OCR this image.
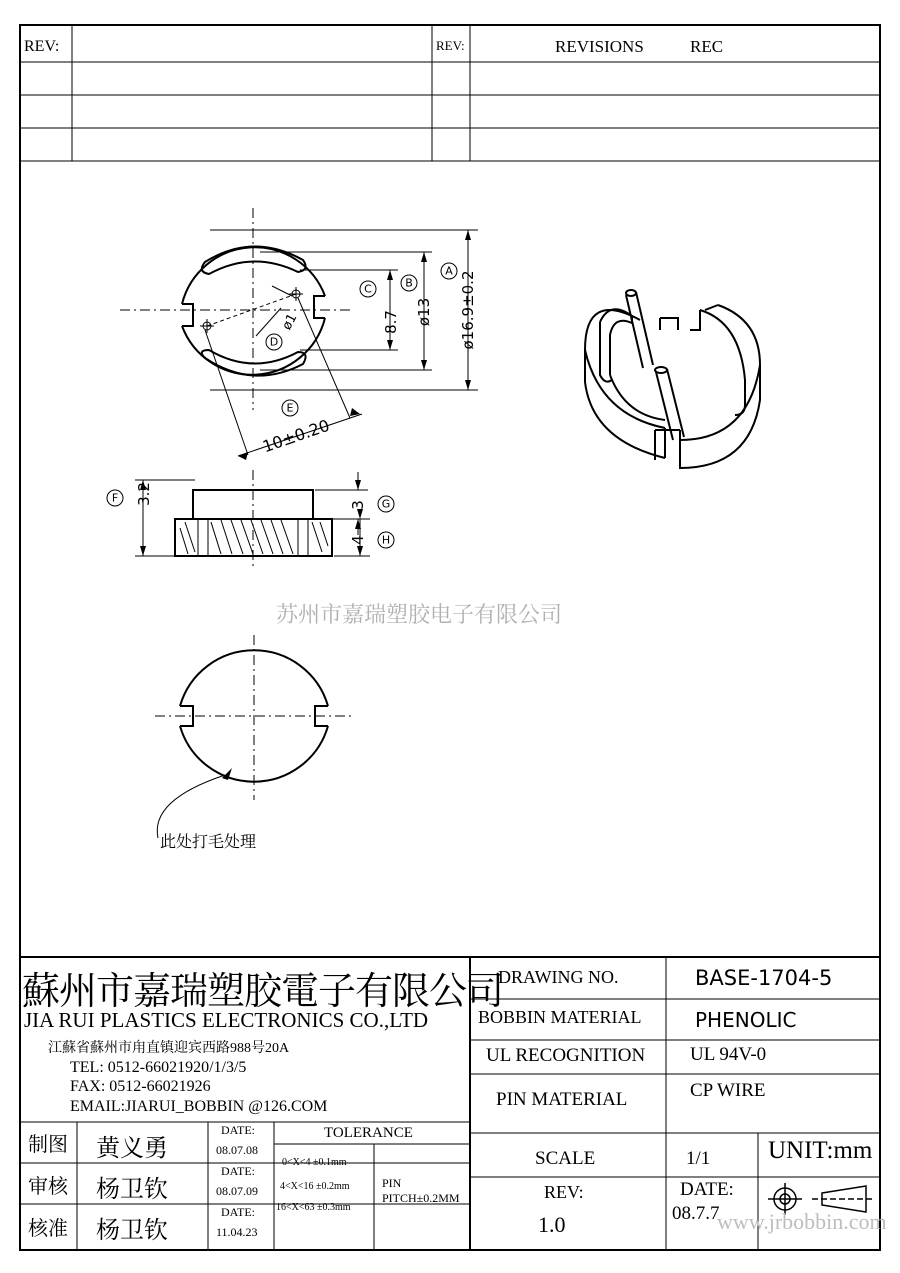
REV:	REV:	REVISIONS	REC
ø16.9±0.2
ø13
8.7
ø1
10±0.20
3.2	3
4
A
B
C
D
E
F	G
H
苏州市嘉瑞塑胶电子有限公司
此处打毛处理
蘇州市嘉瑞塑胶電子有限公司
JIA RUI PLASTICS ELECTRONICS CO.,LTD
江蘇省蘇州市甪直镇迎宾西路988号20A
TEL: 0512-66021920/1/3/5
FAX: 0512-66021926
EMAIL:JIARUI_BOBBIN @126.COM
制图 黄义勇
DATE:
08.07.08
审核 杨卫钦
DATE:
08.07.09
核准 杨卫钦
DATE:
11.04.23
TOLERANCE
0<X<4 ±0.1mm
4<X<16 ±0.2mm
16<X<63 ±0.3mm
PIN
PITCH±0.2MM
DRAWING NO.	BASE-1704-5
BOBBIN MATERIAL	PHENOLIC
UL RECOGNITION UL 94V-0
PIN MATERIAL	CP WIRE
SCALE	1/1 UNIT:mm
REV:
1.0
DATE:
08.7.7
www.jrbobbin.com
